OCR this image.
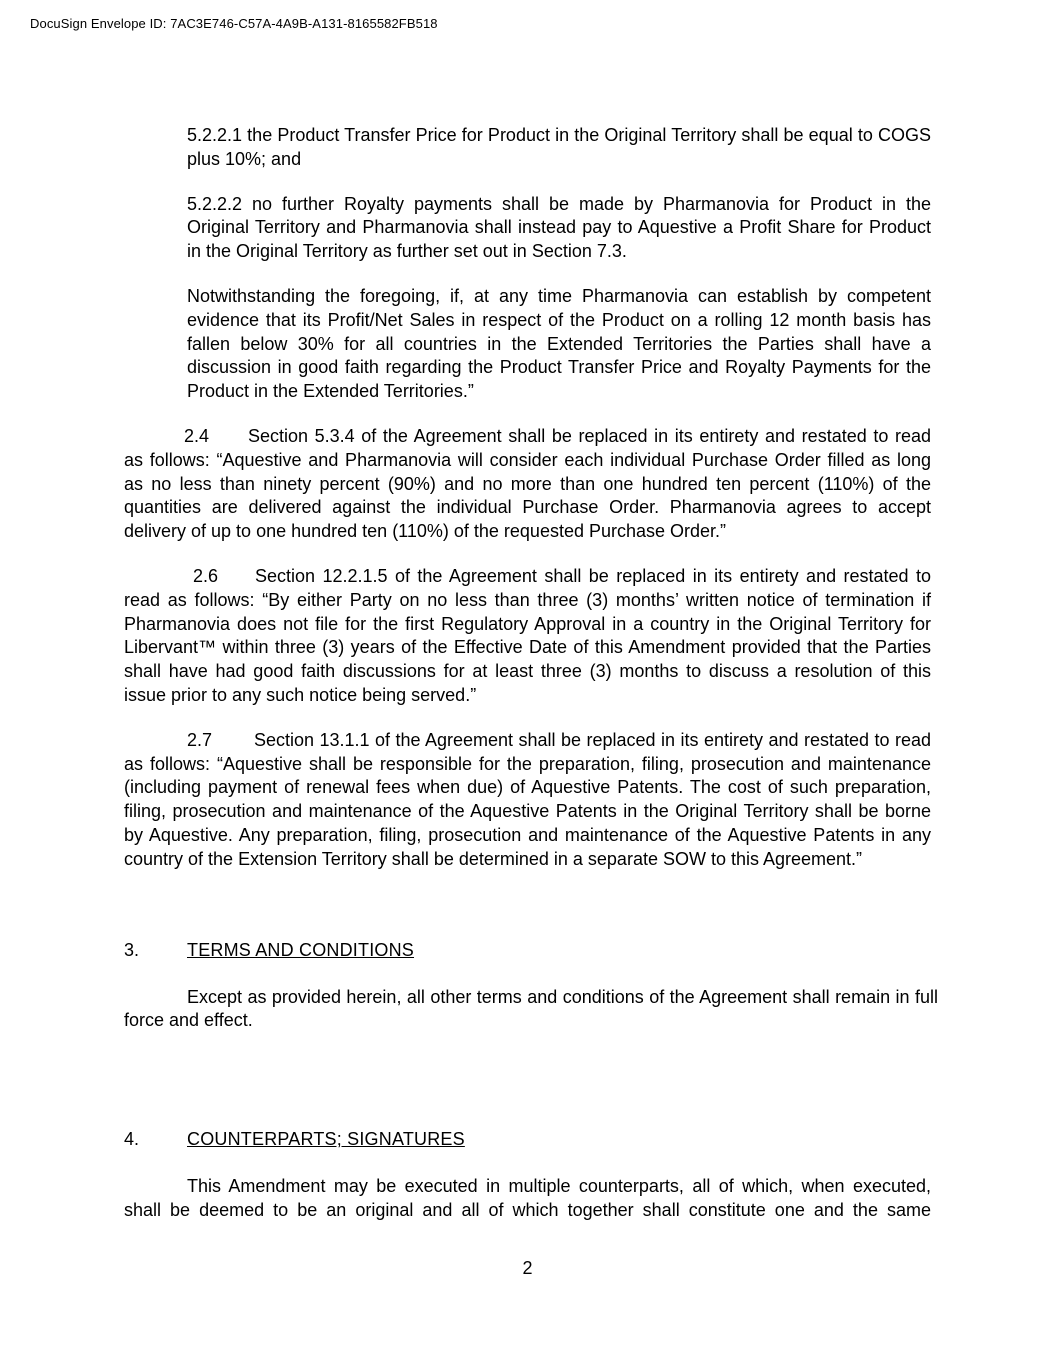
DocuSign Envelope ID: 7AC3E746-C57A-4A9B-A131-8165582FB518

5.2.2.1 the Product Transfer Price for Product in the Original Territory shall be equal to COGS plus 10%; and

5.2.2.2 no further Royalty payments shall be made by Pharmanovia for Product in the Original Territory and Pharmanovia shall instead pay to Aquestive a Profit Share for Product in the Original Territory as further set out in Section 7.3.

Notwithstanding the foregoing, if, at any time Pharmanovia can establish by competent evidence that its Profit/Net Sales in respect of the Product on a rolling 12 month basis has fallen below 30% for all countries in the Extended Territories the Parties shall have a discussion in good faith regarding the Product Transfer Price and Royalty Payments for the Product in the Extended Territories.”

2.4 Section 5.3.4 of the Agreement shall be replaced in its entirety and restated to read as follows: “Aquestive and Pharmanovia will consider each individual Purchase Order filled as long as no less than ninety percent (90%) and no more than one hundred ten percent (110%) of the quantities are delivered against the individual Purchase Order. Pharmanovia agrees to accept delivery of up to one hundred ten (110%) of the requested Purchase Order.”

2.6 Section 12.2.1.5 of the Agreement shall be replaced in its entirety and restated to read as follows: “By either Party on no less than three (3) months’ written notice of termination if Pharmanovia does not file for the first Regulatory Approval in a country in the Original Territory for Libervant™ within three (3) years of the Effective Date of this Amendment provided that the Parties shall have had good faith discussions for at least three (3) months to discuss a resolution of this issue prior to any such notice being served.”

2.7 Section 13.1.1 of the Agreement shall be replaced in its entirety and restated to read as follows: “Aquestive shall be responsible for the preparation, filing, prosecution and maintenance (including payment of renewal fees when due) of Aquestive Patents. The cost of such preparation, filing, prosecution and maintenance of the Aquestive Patents in the Original Territory shall be borne by Aquestive. Any preparation, filing, prosecution and maintenance of the Aquestive Patents in any country of the Extension Territory shall be determined in a separate SOW to this Agreement.”

3.	TERMS AND CONDITIONS

Except as provided herein, all other terms and conditions of the Agreement shall remain in full force and effect.

4.	COUNTERPARTS; SIGNATURES

This Amendment may be executed in multiple counterparts, all of which, when executed, shall be deemed to be an original and all of which together shall constitute one and the same

2
